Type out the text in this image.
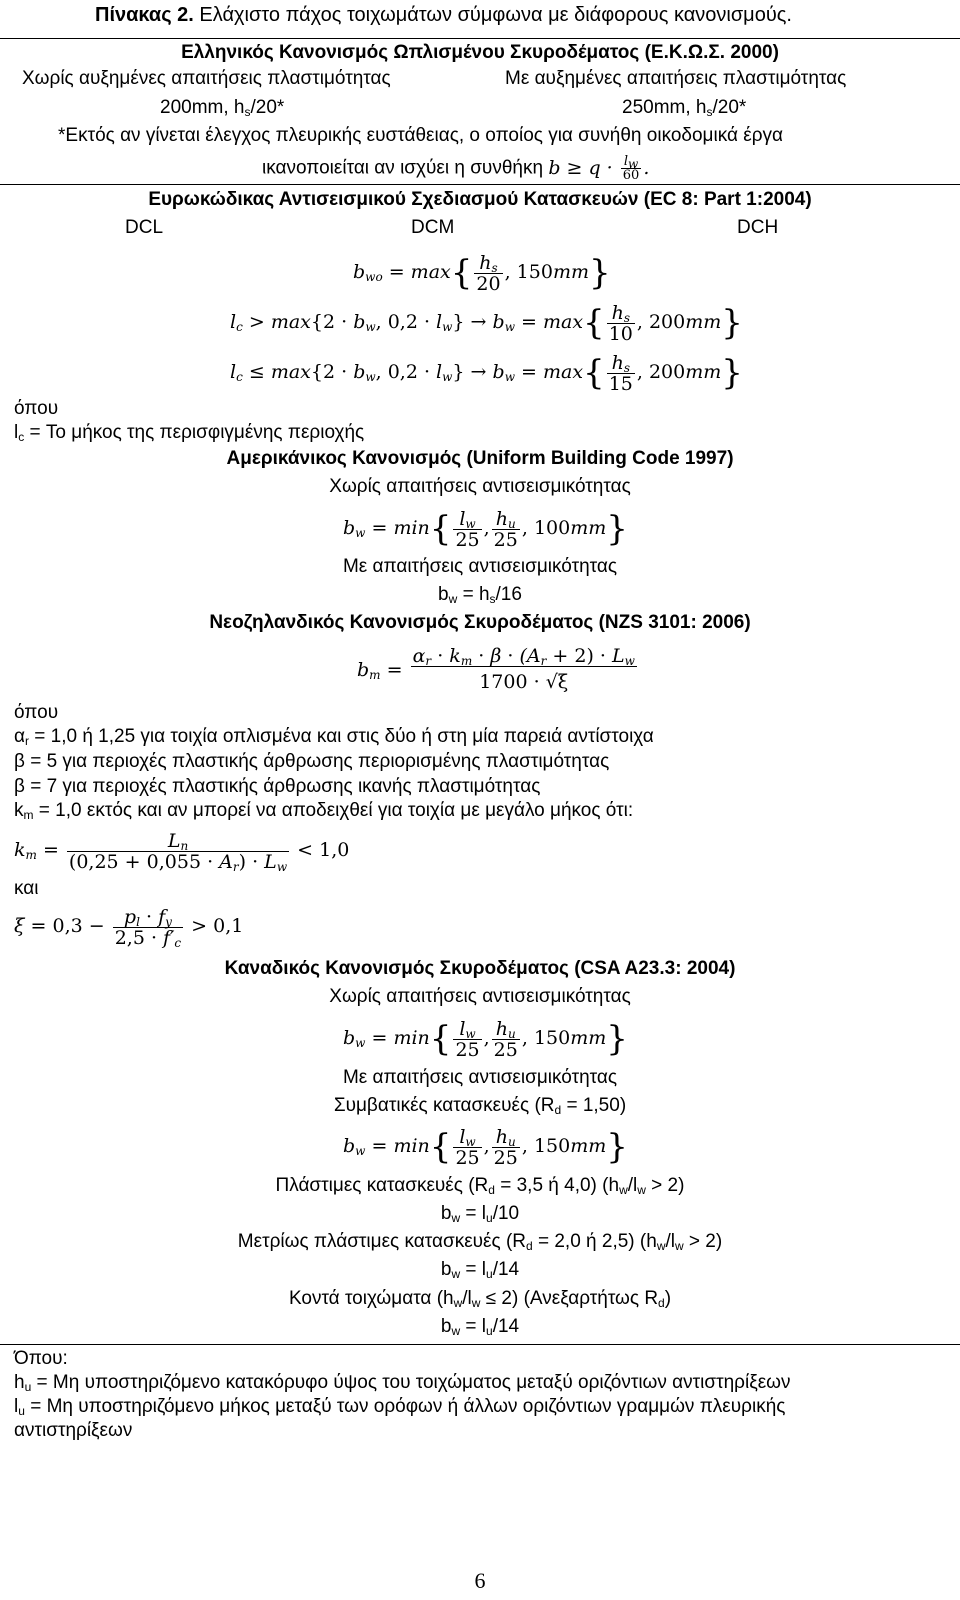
Πίνακας 2. Ελάχιστο πάχος τοιχωμάτων σύμφωνα με διάφορους κανονισμούς.
Ελληνικός Κανονισμός Ωπλισμένου Σκυροδέματος (Ε.Κ.Ω.Σ. 2000)
Χωρίς αυξημένες απαιτήσεις πλαστιμότητας	Με αυξημένες απαιτήσεις πλαστιμότητας
200mm, $h_s/20*$	250mm, $h_s/20*$
*Εκτός αν γίνεται έλεγχος πλευρικής ευστάθειας, ο οποίος για συνήθη οικοδομικά έργα
ικανοποιείται αν ισχύει η συνθήκη $b \ge q \cdot \frac{l_w}{60}$ .
Ευρωκώδικας Αντισεισμικού Σχεδιασμού Κατασκευών (EC 8: Part 1:2004)
DCL	DCM	DCH
$b_{wo} = \max\{ \frac{h_s}{20}$ , 150mm}
$l_c > \max\{2 \cdot b_w$, $0,2 \cdot l_w\} \to b_w = \max\{ \frac{h_s}{10}$ , 200mm}
$l_c \le \max\{2 \cdot b_w$, $0,2 \cdot l_w\} \to b_w = \max\{ \frac{h_s}{15}$ , 200mm}
όπου
$l_c = To$ μήκος της περισφιγμένης περιοχής
Αμερικάνικος Κανονισμός (Uniform Building Code 1997)
Χωρίς απαιτήσεις αντισεισμικότητας
$b_w = \min\{ \frac{l_w}{25}$ , $\frac{h_u}{25}$ , 100mm}
Με απαιτήσεις αντισεισμικότητας
$b_w = h_s/16$
Νεοζηλανδικός Κανονισμός Σκυροδέματος (NZS 3101: 2006)
$b_m = \frac{\alpha_r \cdot k_m \cdot \beta \cdot (A_r + 2) \cdot L_w}{1700 \cdot √\xi}$
όπου
$\alpha_r = 1,0$ ή 1,25 για τοιχία οπλισμένα και στις δύο ή στη μία παρειά αντίστοιχα
β = 5 για περιοχές πλαστικής άρθρωσης περιορισμένης πλαστιμότητας
β = 7 για περιοχές πλαστικής άρθρωσης ικανής πλαστιμότητας
$k_m = 1,0$ εκτός και αν μπορεί να αποδειχθεί για τοιχία με μεγάλο μήκος ότι:
$k_m = \frac{L_n}{(0,25 + 0,055 \cdot A_r) \cdot L_w} < 1,0$
και
$\xi = 0,3 - \frac{p_l \cdot f_y}{2,5 \cdot f'_c} > 0,1$
Καναδικός Κανονισμός Σκυροδέματος (CSA A23.3: 2004)
Χωρίς απαιτήσεις αντισεισμικότητας
$b_w = \min\{ \frac{l_w}{25}$ , $\frac{h_u}{25}$ , 150mm}
Με απαιτήσεις αντισεισμικότητας
Συμβατικές κατασκευές $(R_d = 1,50)$
$b_w = \min\{ \frac{l_w}{25}$ , $\frac{h_u}{25}$ , 150mm}
Πλάστιμες κατασκευές ($R_d = 3,5$ ή 4,0) $(h_w/l_w > 2)$
$b_w = l_u/10$
Μετρίως πλάστιμες κατασκευές ($R_d = 2,0$ ή 2,5) $(h_w/l_w > 2)$
$b_w = l_u/14$
Κοντά τοιχώματα $(h_w/l_w \le 2)$ (Ανεξαρτήτως $R_d$)
$b_w = l_u/14$
Όπου:
$h_u = M\eta$ υποστηριζόμενο κατακόρυφο ύψος του τοιχώματος μεταξύ οριζόντιων αντιστηρίξεων
$l_u = M\eta$ υποστηριζόμενο μήκος μεταξύ των ορόφων ή άλλων οριζόντιων γραμμών πλευρικής
αντιστηρίξεων
6
